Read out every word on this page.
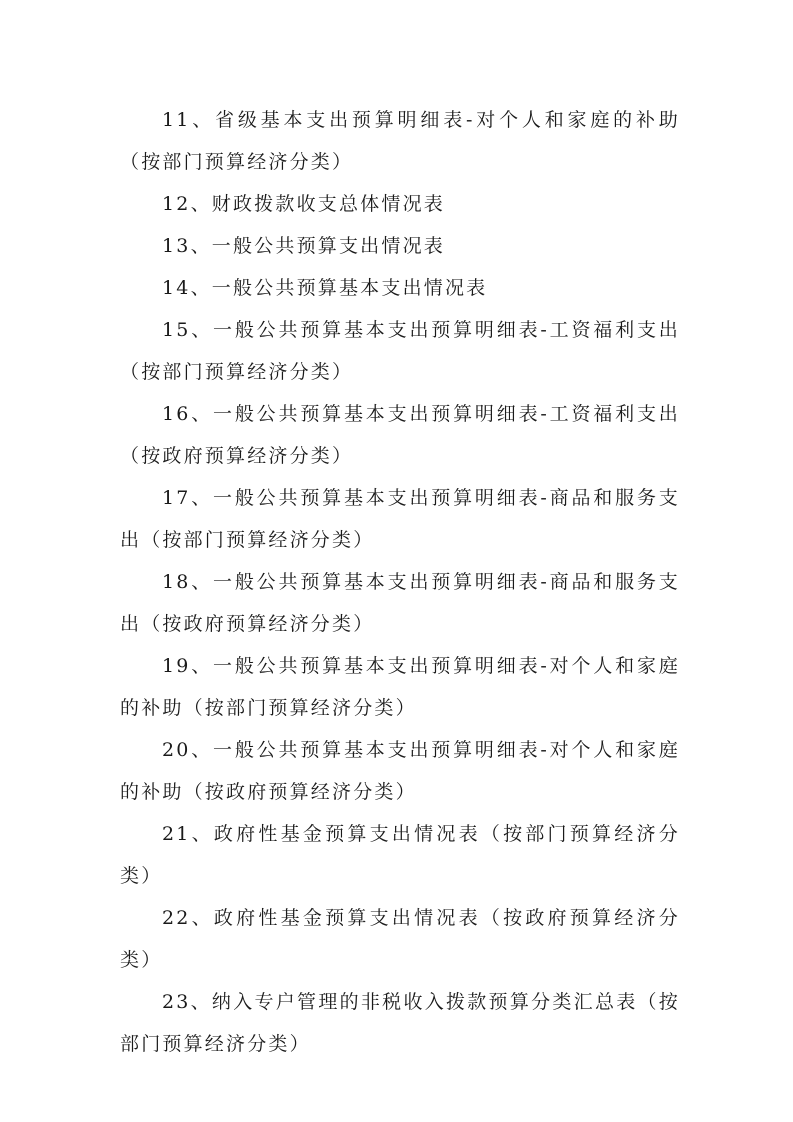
11、省级基本支出预算明细表-对个人和家庭的补助（按部门预算经济分类）

12、财政拨款收支总体情况表

13、一般公共预算支出情况表

14、一般公共预算基本支出情况表

15、一般公共预算基本支出预算明细表-工资福利支出（按部门预算经济分类）

16、一般公共预算基本支出预算明细表-工资福利支出（按政府预算经济分类）

17、一般公共预算基本支出预算明细表-商品和服务支出（按部门预算经济分类）

18、一般公共预算基本支出预算明细表-商品和服务支出（按政府预算经济分类）

19、一般公共预算基本支出预算明细表-对个人和家庭的补助（按部门预算经济分类）

20、一般公共预算基本支出预算明细表-对个人和家庭的补助（按政府预算经济分类）

21、政府性基金预算支出情况表（按部门预算经济分类）

22、政府性基金预算支出情况表（按政府预算经济分类）

23、纳入专户管理的非税收入拨款预算分类汇总表（按部门预算经济分类）
